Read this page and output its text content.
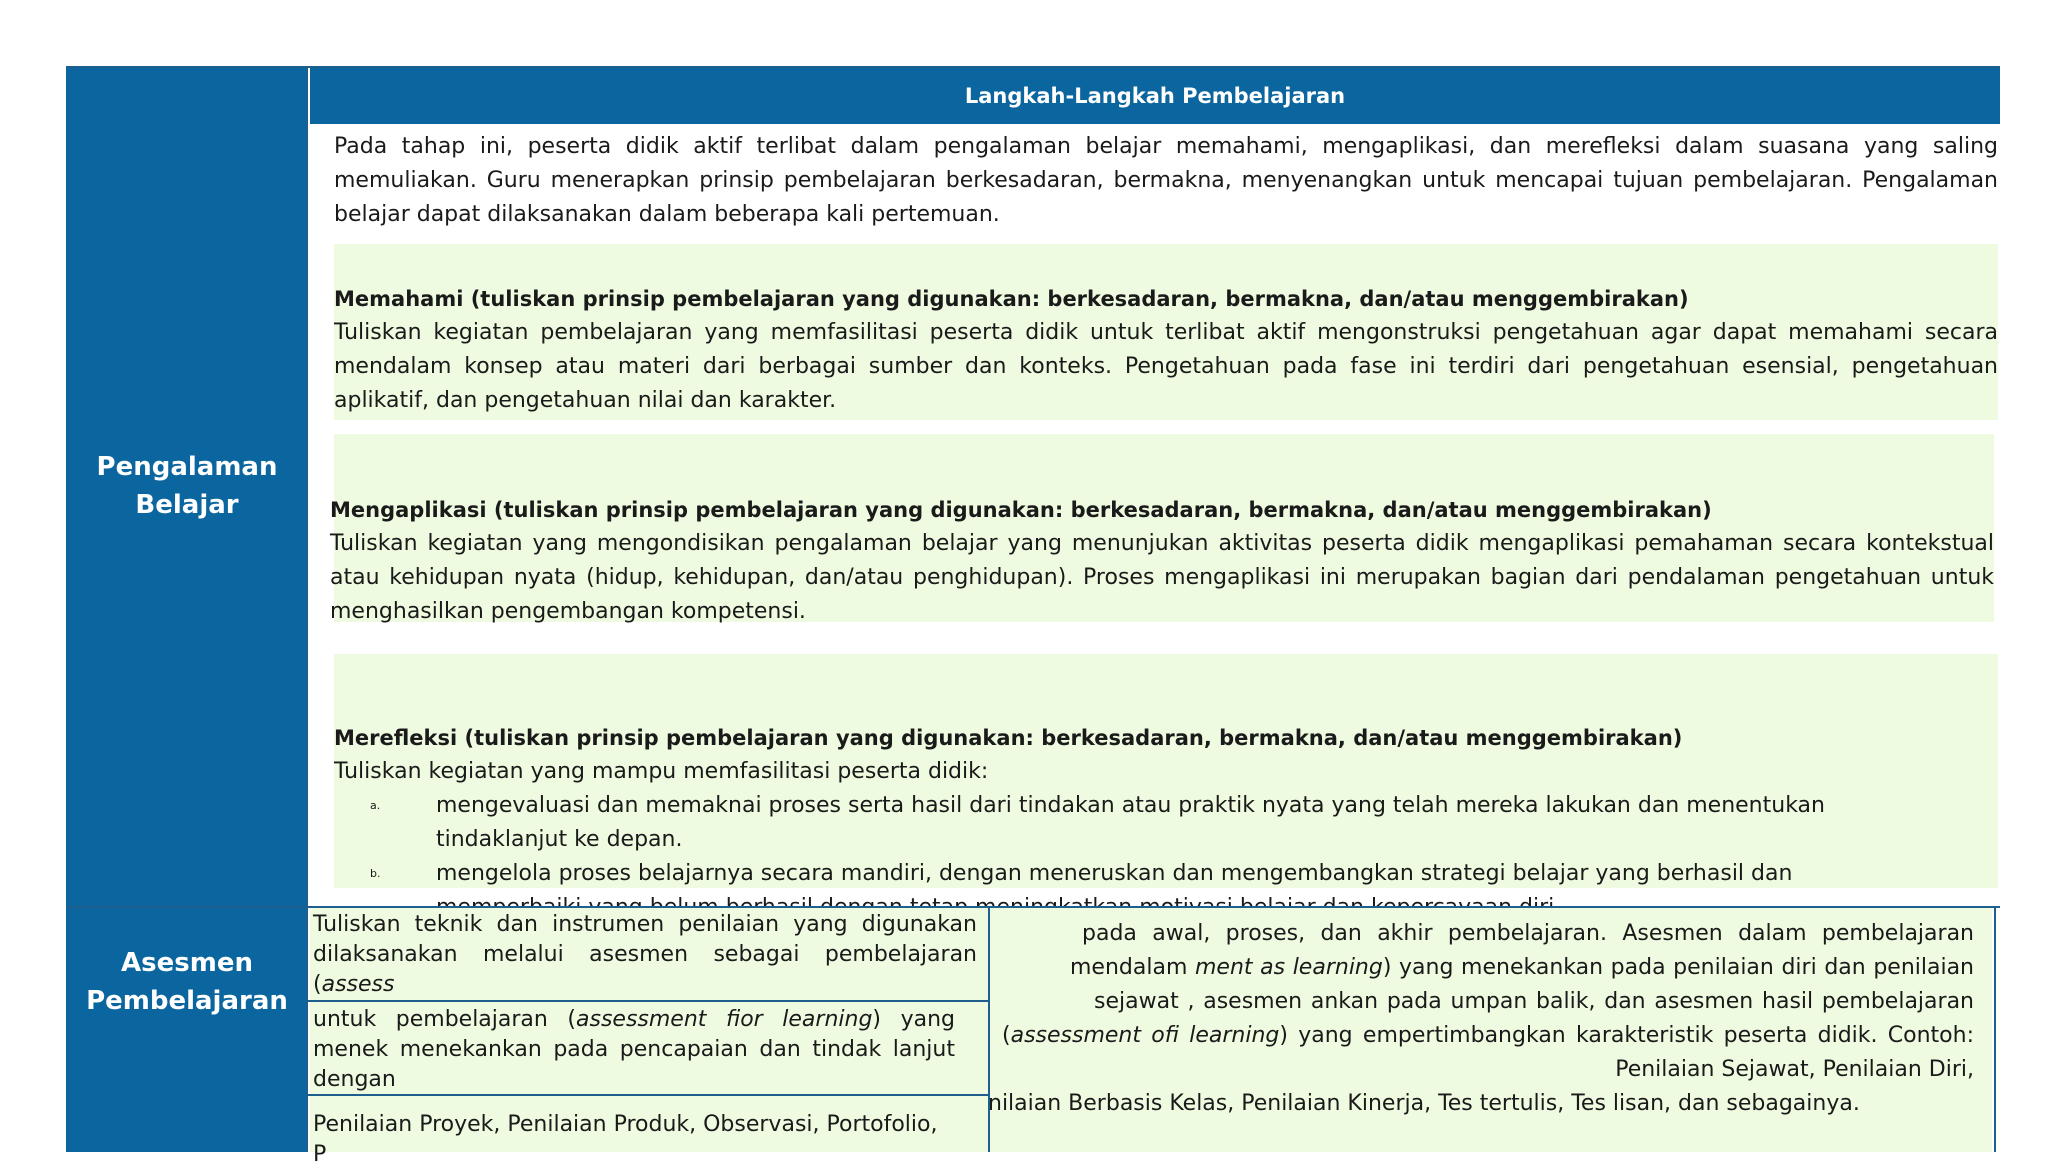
Langkah-Langkah Pembelajaran
Pengalaman
Belajar

Pada tahap ini, peserta didik aktif terlibat dalam pengalaman belajar memahami, mengaplikasi, dan merefleksi dalam suasana yang saling memuliakan. Guru menerapkan prinsip pembelajaran berkesadaran, bermakna, menyenangkan untuk mencapai tujuan pembelajaran. Pengalaman belajar dapat dilaksanakan dalam beberapa kali pertemuan.

Memahami (tuliskan prinsip pembelajaran yang digunakan: berkesadaran, bermakna, dan/atau menggembirakan)

Tuliskan kegiatan pembelajaran yang memfasilitasi peserta didik untuk terlibat aktif mengonstruksi pengetahuan agar dapat memahami secara mendalam konsep atau materi dari berbagai sumber dan konteks. Pengetahuan pada fase ini terdiri dari pengetahuan esensial, pengetahuan aplikatif, dan pengetahuan nilai dan karakter.

Mengaplikasi (tuliskan prinsip pembelajaran yang digunakan: berkesadaran, bermakna, dan/atau menggembirakan)

Tuliskan kegiatan yang mengondisikan pengalaman belajar yang menunjukan aktivitas peserta didik mengaplikasi pemahaman secara kontekstual atau kehidupan nyata (hidup, kehidupan, dan/atau penghidupan). Proses mengaplikasi ini merupakan bagian dari pendalaman pengetahuan untuk menghasilkan pengembangan kompetensi.

Merefleksi (tuliskan prinsip pembelajaran yang digunakan: berkesadaran, bermakna, dan/atau menggembirakan)

Tuliskan kegiatan yang mampu memfasilitasi peserta didik:

a.	mengevaluasi dan memaknai proses serta hasil dari tindakan atau praktik nyata yang telah mereka lakukan dan menentukan
tindaklanjut ke depan.
b.	mengelola proses belajarnya secara mandiri, dengan meneruskan dan mengembangkan strategi belajar yang berhasil dan
Asesmen
Pembelajaran

Tuliskan teknik dan instrumen penilaian yang digunakan dilaksanakan melalui asesmen sebagai pembelajaran (assess

untuk pembelajaran (assessment fior learning) yang menek menekankan pada pencapaian dan tindak lanjut dengan

Penilaian Proyek, Penilaian Produk, Observasi, Portofolio,
P

pada awal, proses, dan akhir pembelajaran. Asesmen dalam pembelajaran
mendalam ment as learning) yang menekankan pada penilaian diri dan penilaian
sejawat , asesmen ankan pada umpan balik, dan asesmen hasil pembelajaran
(assessment ofi learning) yang empertimbangkan karakteristik peserta didik. Contoh:
Penilaian Sejawat, Penilaian Diri,
nilaian Berbasis Kelas, Penilaian Kinerja, Tes tertulis, Tes lisan, dan sebagainya.
